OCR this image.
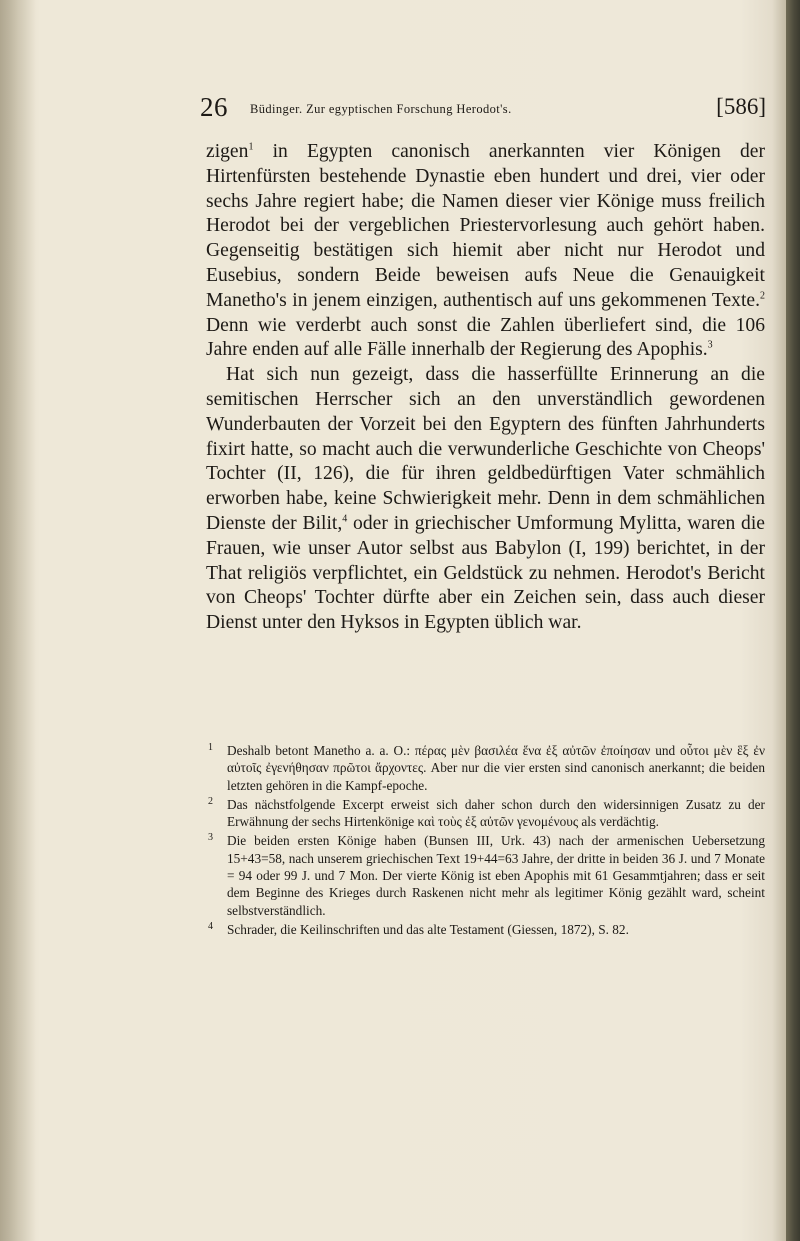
26 Büdinger. Zur egyptischen Forschung Herodot's.	[586]

zigen$^1$ in Egypten canonisch anerkannten vier Königen der Hirtenfürsten bestehende Dynastie eben hundert und drei, vier oder sechs Jahre regiert habe; die Namen dieser vier Könige muss freilich Herodot bei der vergeblichen Priestervorlesung auch gehört haben. Gegenseitig bestätigen sich hiemit aber nicht nur Herodot und Eusebius, sondern Beide beweisen aufs Neue die Genauigkeit Manetho's in jenem einzigen, authentisch auf uns gekommenen Texte.$^2$ Denn wie verderbt auch sonst die Zahlen überliefert sind, die 106 Jahre enden auf alle Fälle innerhalb der Regierung des Apophis.$^3$

Hat sich nun gezeigt, dass die hasserfüllte Erinnerung an die semitischen Herrscher sich an den unverständlich gewordenen Wunderbauten der Vorzeit bei den Egyptern des fünften Jahrhunderts fixirt hatte, so macht auch die verwunderliche Geschichte von Cheops' Tochter (II, 126), die für ihren geldbedürftigen Vater schmählich erworben habe, keine Schwierigkeit mehr. Denn in dem schmählichen Dienste der Bilit,$^4$ oder in griechischer Umformung Mylitta, waren die Frauen, wie unser Autor selbst aus Babylon (I, 199) berichtet, in der That religiös verpflichtet, ein Geldstück zu nehmen. Herodot's Bericht von Cheops' Tochter dürfte aber ein Zeichen sein, dass auch dieser Dienst unter den Hyksos in Egypten üblich war.

1 Deshalb betont Manetho a. a. O.: πέρας μὲν βασιλέα ἕνα ἐξ αὐτῶν ἐποίησαν und οὗτοι μὲν ἓξ ἐν αὐτοῖς ἐγενήθησαν πρῶτοι ἄρχοντες. Aber nur die vier ersten sind canonisch anerkannt; die beiden letzten gehören in die Kampf-epoche.
2 Das nächstfolgende Excerpt erweist sich daher schon durch den widersinnigen Zusatz zu der Erwähnung der sechs Hirtenkönige καὶ τοὺς ἐξ αὐτῶν γενομένους als verdächtig.
3 Die beiden ersten Könige haben (Bunsen III, Urk. 43) nach der armenischen Uebersetzung 15+43=58, nach unserem griechischen Text 19+44=63 Jahre, der dritte in beiden 36 J. und 7 Monate = 94 oder 99 J. und 7 Mon. Der vierte König ist eben Apophis mit 61 Gesammtjahren; dass er seit dem Beginne des Krieges durch Raskenen nicht mehr als legitimer König gezählt ward, scheint selbstverständlich.
4 Schrader, die Keilinschriften und das alte Testament (Giessen, 1872), S. 82.
